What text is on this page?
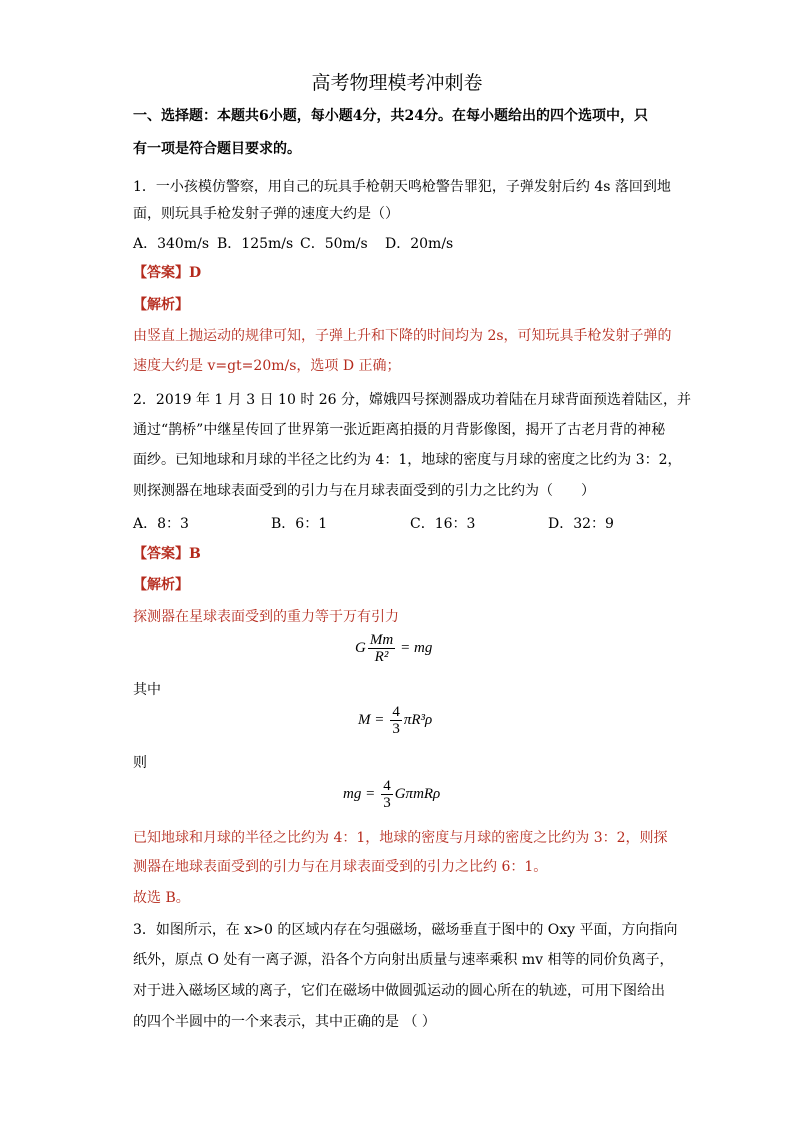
高考物理模考冲刺卷
一、选择题：本题共6小题，每小题4分，共24分。在每小题给出的四个选项中，只
有一项是符合题目要求的。
1．一小孩模仿警察，用自己的玩具手枪朝天鸣枪警告罪犯，子弹发射后约 4s 落回到地
面，则玩具手枪发射子弹的速度大约是（）
A．340m/s B．125m/s C．50m/s D．20m/s
【答案】D
【解析】
由竖直上抛运动的规律可知，子弹上升和下降的时间均为 2s，可知玩具手枪发射子弹的
速度大约是 v=gt=20m/s，选项 D 正确；
2．2019 年 1 月 3 日 10 时 26 分，嫦娥四号探测器成功着陆在月球背面预选着陆区，并
通过“鹊桥”中继星传回了世界第一张近距离拍摄的月背影像图，揭开了古老月背的神秘
面纱。已知地球和月球的半径之比约为 4：1，地球的密度与月球的密度之比约为 3：2，
则探测器在地球表面受到的引力与在月球表面受到的引力之比约为（　　）
A．8：3	B．6：1	C．16：3	D．32：9
【答案】B
【解析】
探测器在星球表面受到的重力等于万有引力
G $\frac{Mm}{\text{R²}}$ = mg
其中
$M = \frac{4}{3} \pi R^3\rho$
则
mg = $\frac{4}{3}$ GπmRρ
已知地球和月球的半径之比约为 4：1，地球的密度与月球的密度之比约为 3：2，则探
测器在地球表面受到的引力与在月球表面受到的引力之比约 6：1。
故选 B。
3．如图所示，在 x>0 的区域内存在匀强磁场，磁场垂直于图中的 Oxy 平面，方向指向
纸外，原点 O 处有一离子源，沿各个方向射出质量与速率乘积 mv 相等的同价负离子，
对于进入磁场区域的离子，它们在磁场中做圆弧运动的圆心所在的轨迹，可用下图给出
的四个半圆中的一个来表示，其中正确的是 （ ）
